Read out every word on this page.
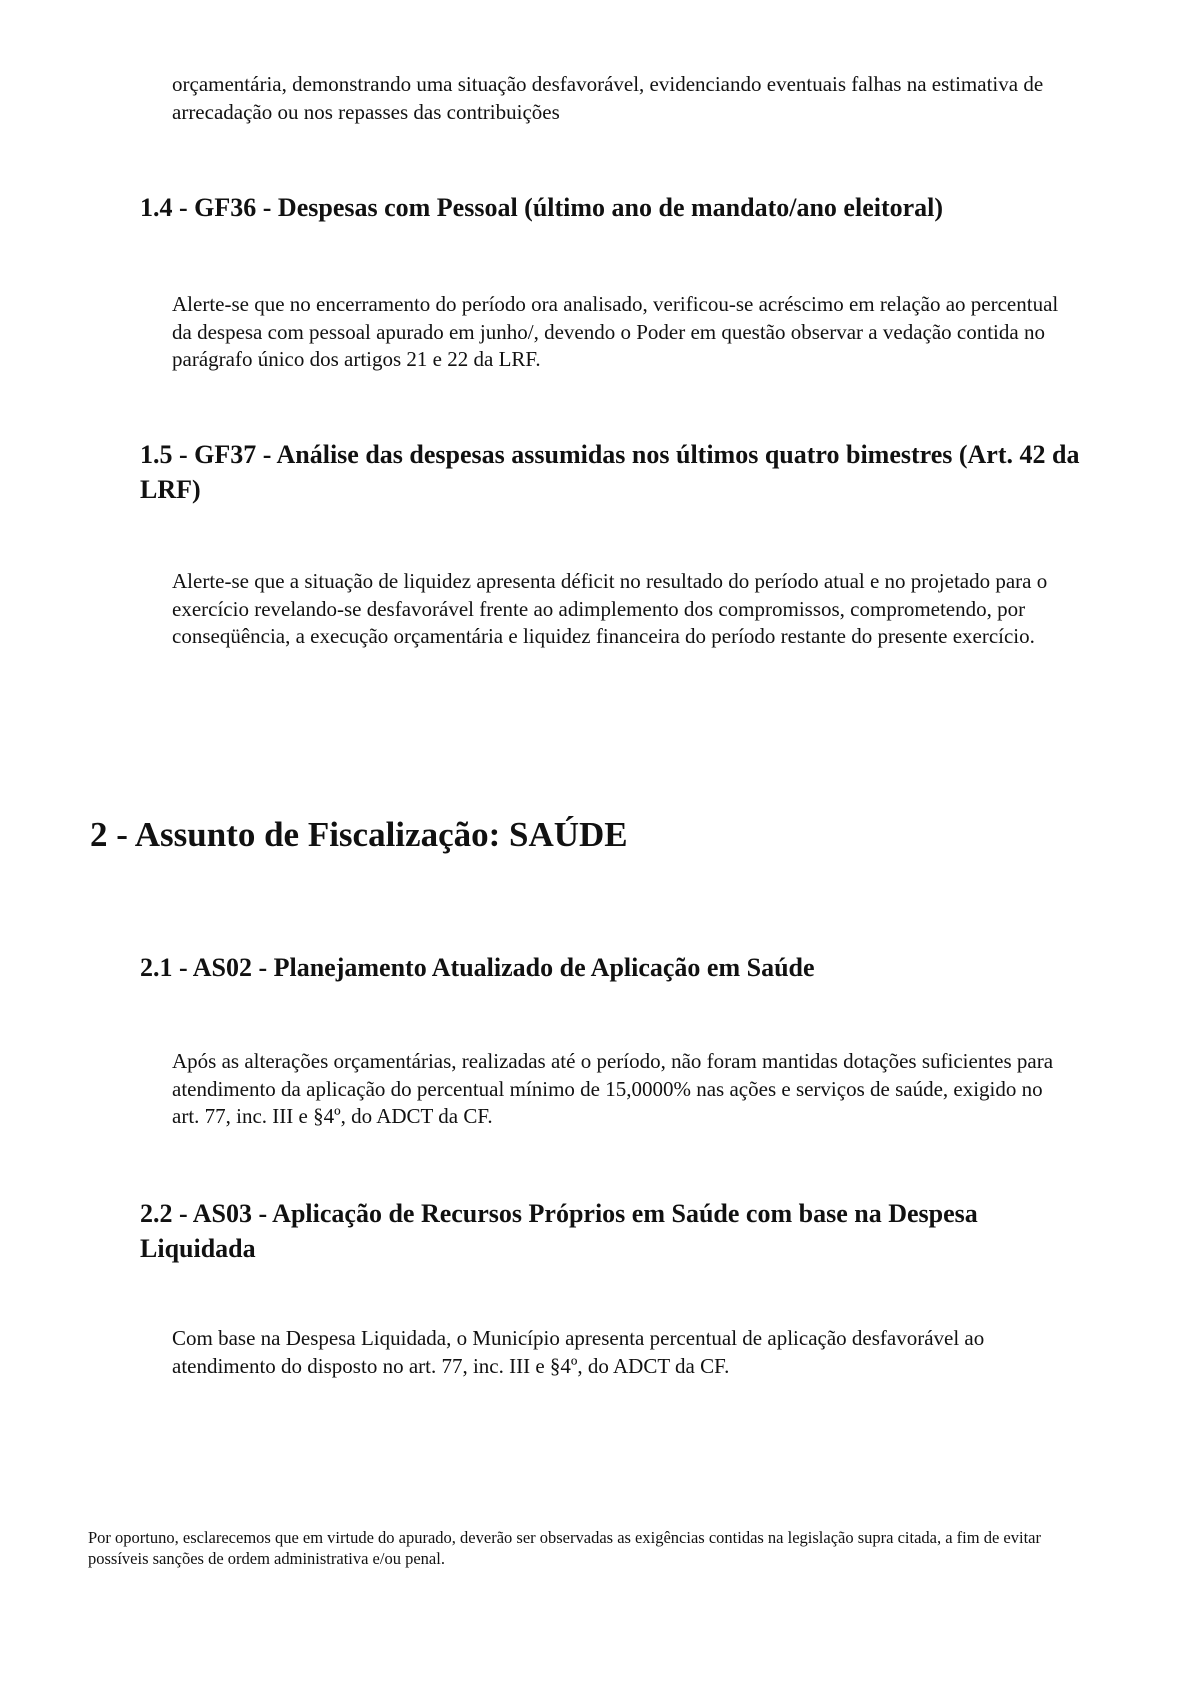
orçamentária, demonstrando uma situação desfavorável, evidenciando eventuais falhas na estimativa de arrecadação ou nos repasses das contribuições

1.4 - GF36 - Despesas com Pessoal (último ano de mandato/ano eleitoral)

Alerte-se que no encerramento do período ora analisado, verificou-se acréscimo em relação ao percentual da despesa com pessoal apurado em junho/, devendo o Poder em questão observar a vedação contida no parágrafo único dos artigos 21 e 22 da LRF.

1.5 - GF37 - Análise das despesas assumidas nos últimos quatro bimestres (Art. 42 da LRF)

Alerte-se que a situação de liquidez apresenta déficit no resultado do período atual e no projetado para o exercício revelando-se desfavorável frente ao adimplemento dos compromissos, comprometendo, por conseqüência, a execução orçamentária e liquidez financeira do período restante do presente exercício.

2 - Assunto de Fiscalização: SAÚDE
2.1 - AS02 - Planejamento Atualizado de Aplicação em Saúde

Após as alterações orçamentárias, realizadas até o período, não foram mantidas dotações suficientes para atendimento da aplicação do percentual mínimo de 15,0000% nas ações e serviços de saúde, exigido no art. 77, inc. III e §4º, do ADCT da CF.

2.2 - AS03 - Aplicação de Recursos Próprios em Saúde com base na Despesa Liquidada

Com base na Despesa Liquidada, o Município apresenta percentual de aplicação desfavorável ao atendimento do disposto no art. 77, inc. III e §4º, do ADCT da CF.

Por oportuno, esclarecemos que em virtude do apurado, deverão ser observadas as exigências contidas na legislação supra citada, a fim de evitar possíveis sanções de ordem administrativa e/ou penal.
